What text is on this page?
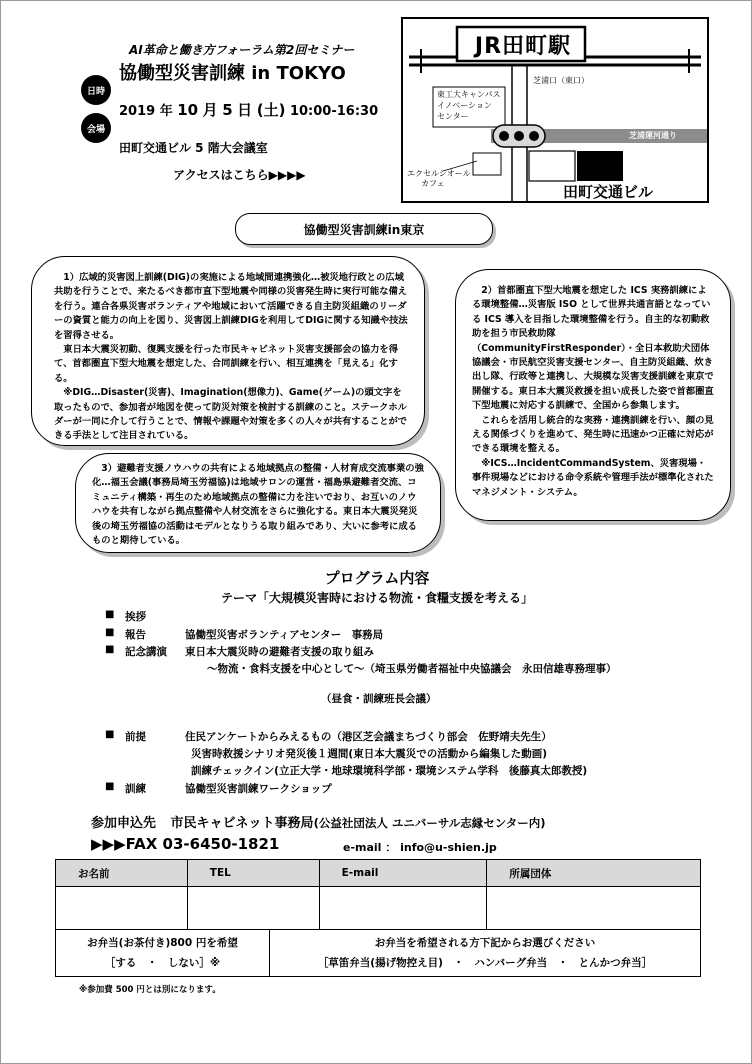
AI革命と働き方フォーラム第2回セミナー
協働型災害訓練 in TOKYO
日時
会場
2019 年 10 月 5 日 (土) 10:00-16:30
田町交通ビル 5 階大会議室
アクセスはこちら▶▶▶▶
JR田町駅
芝浦口（東口）
東工大キャンパス
イノベーション
センター
芝浦運河通り
エクセルシオール
カフェ	田町交通ビル
協働型災害訓練in東京

1）広域的災害図上訓練(DIG)の実施による地域間連携強化…被災地行政との広域共助を行うことで、来たるべき都市直下型地震や同様の災害発生時に実行可能な備えを行う。連合各県災害ボランティアや地域において活躍できる自主防災組織のリーダーの資質と能力の向上を図り、災害図上訓練DIGを利用してDIGに関する知識や技法を習得させる。

東日本大震災初動、復興支援を行った市民キャビネット災害支援部会の協力を得て、首都圏直下型大地震を想定した、合同訓練を行い、相互連携を「見える」化する。

※DIG…Disaster(災害)、Imagination(想像力)、Game(ゲーム)の頭文字を取ったもので、参加者が地図を使って防災対策を検討する訓練のこと。ステークホルダーが一同に介して行うことで、情報や課題や対策を多くの人々が共有することができる手法として注目されている。

2）首都圏直下型大地震を想定した ICS 実務訓練による環境整備…災害版 ISO として世界共通言語となっている ICS 導入を目指した環境整備を行う。自主的な初動救助を担う市民救助隊（CommunityFirstResponder）・全日本救助犬団体協議会・市民航空災害支援センター、自主防災組織、炊き出し隊、行政等と連携し、大規模な災害支援訓練を東京で開催する。東日本大震災救援を担い成長した姿で首都圏直下型地震に対応する訓練で、全国から参集します。

これらを活用し統合的な実務・連携訓練を行い、顔の見える関係づくりを進めて、発生時に迅速かつ正確に対応ができる環境を整える。

※ICS…IncidentCommandSystem、災害現場・事件現場などにおける命令系統や管理手法が標準化されたマネジメント・システム。

3）避難者支援ノウハウの共有による地域拠点の整備・人材育成交流事業の強化…福玉会議(事務局埼玉労福協)は地域サロンの運営・福島県避難者交流、コミュニティ構築・再生のため地域拠点の整備に力を注いでおり、お互いのノウハウを共有しながら拠点整備や人材交流をさらに強化する。東日本大震災発災後の埼玉労福協の活動はモデルとなりうる取り組みであり、大いに参考に成るものと期待している。

プログラム内容
テーマ「大規模災害時における物流・食糧支援を考える」
■ 挨拶
■ 報告	協働型災害ボランティアセンター　事務局
■ 記念講演 東日本大震災時の避難者支援の取り組み
～物流・食料支援を中心として～（埼玉県労働者福祉中央協議会　永田信雄専務理事）
（昼食・訓練班長会議）
■ 前提	住民アンケートからみえるもの（港区芝会議まちづくり部会　佐野靖夫先生）
災害時救援シナリオ発災後１週間(東日本大震災での活動から編集した動画)
訓練チェックイン(立正大学・地球環境科学部・環境システム学科　後藤真太郎教授)
■ 訓練	協働型災害訓練ワークショップ
参加申込先 市民キャビネット事務局(公益社団法人 ユニバーサル志縁センター内)
▶▶▶FAX 03-6450-1821	e-mail ： info@u-shien.jp
お名前	TEL	E-mail	所属団体

お弁当(お茶付き)800 円を希望
［する　・　しない］※
お弁当を希望される方下記からお選びください
［草笛弁当(揚げ物控え目)　・　ハンバーグ弁当　・　とんかつ弁当］
※参加費 500 円とは別になります。
